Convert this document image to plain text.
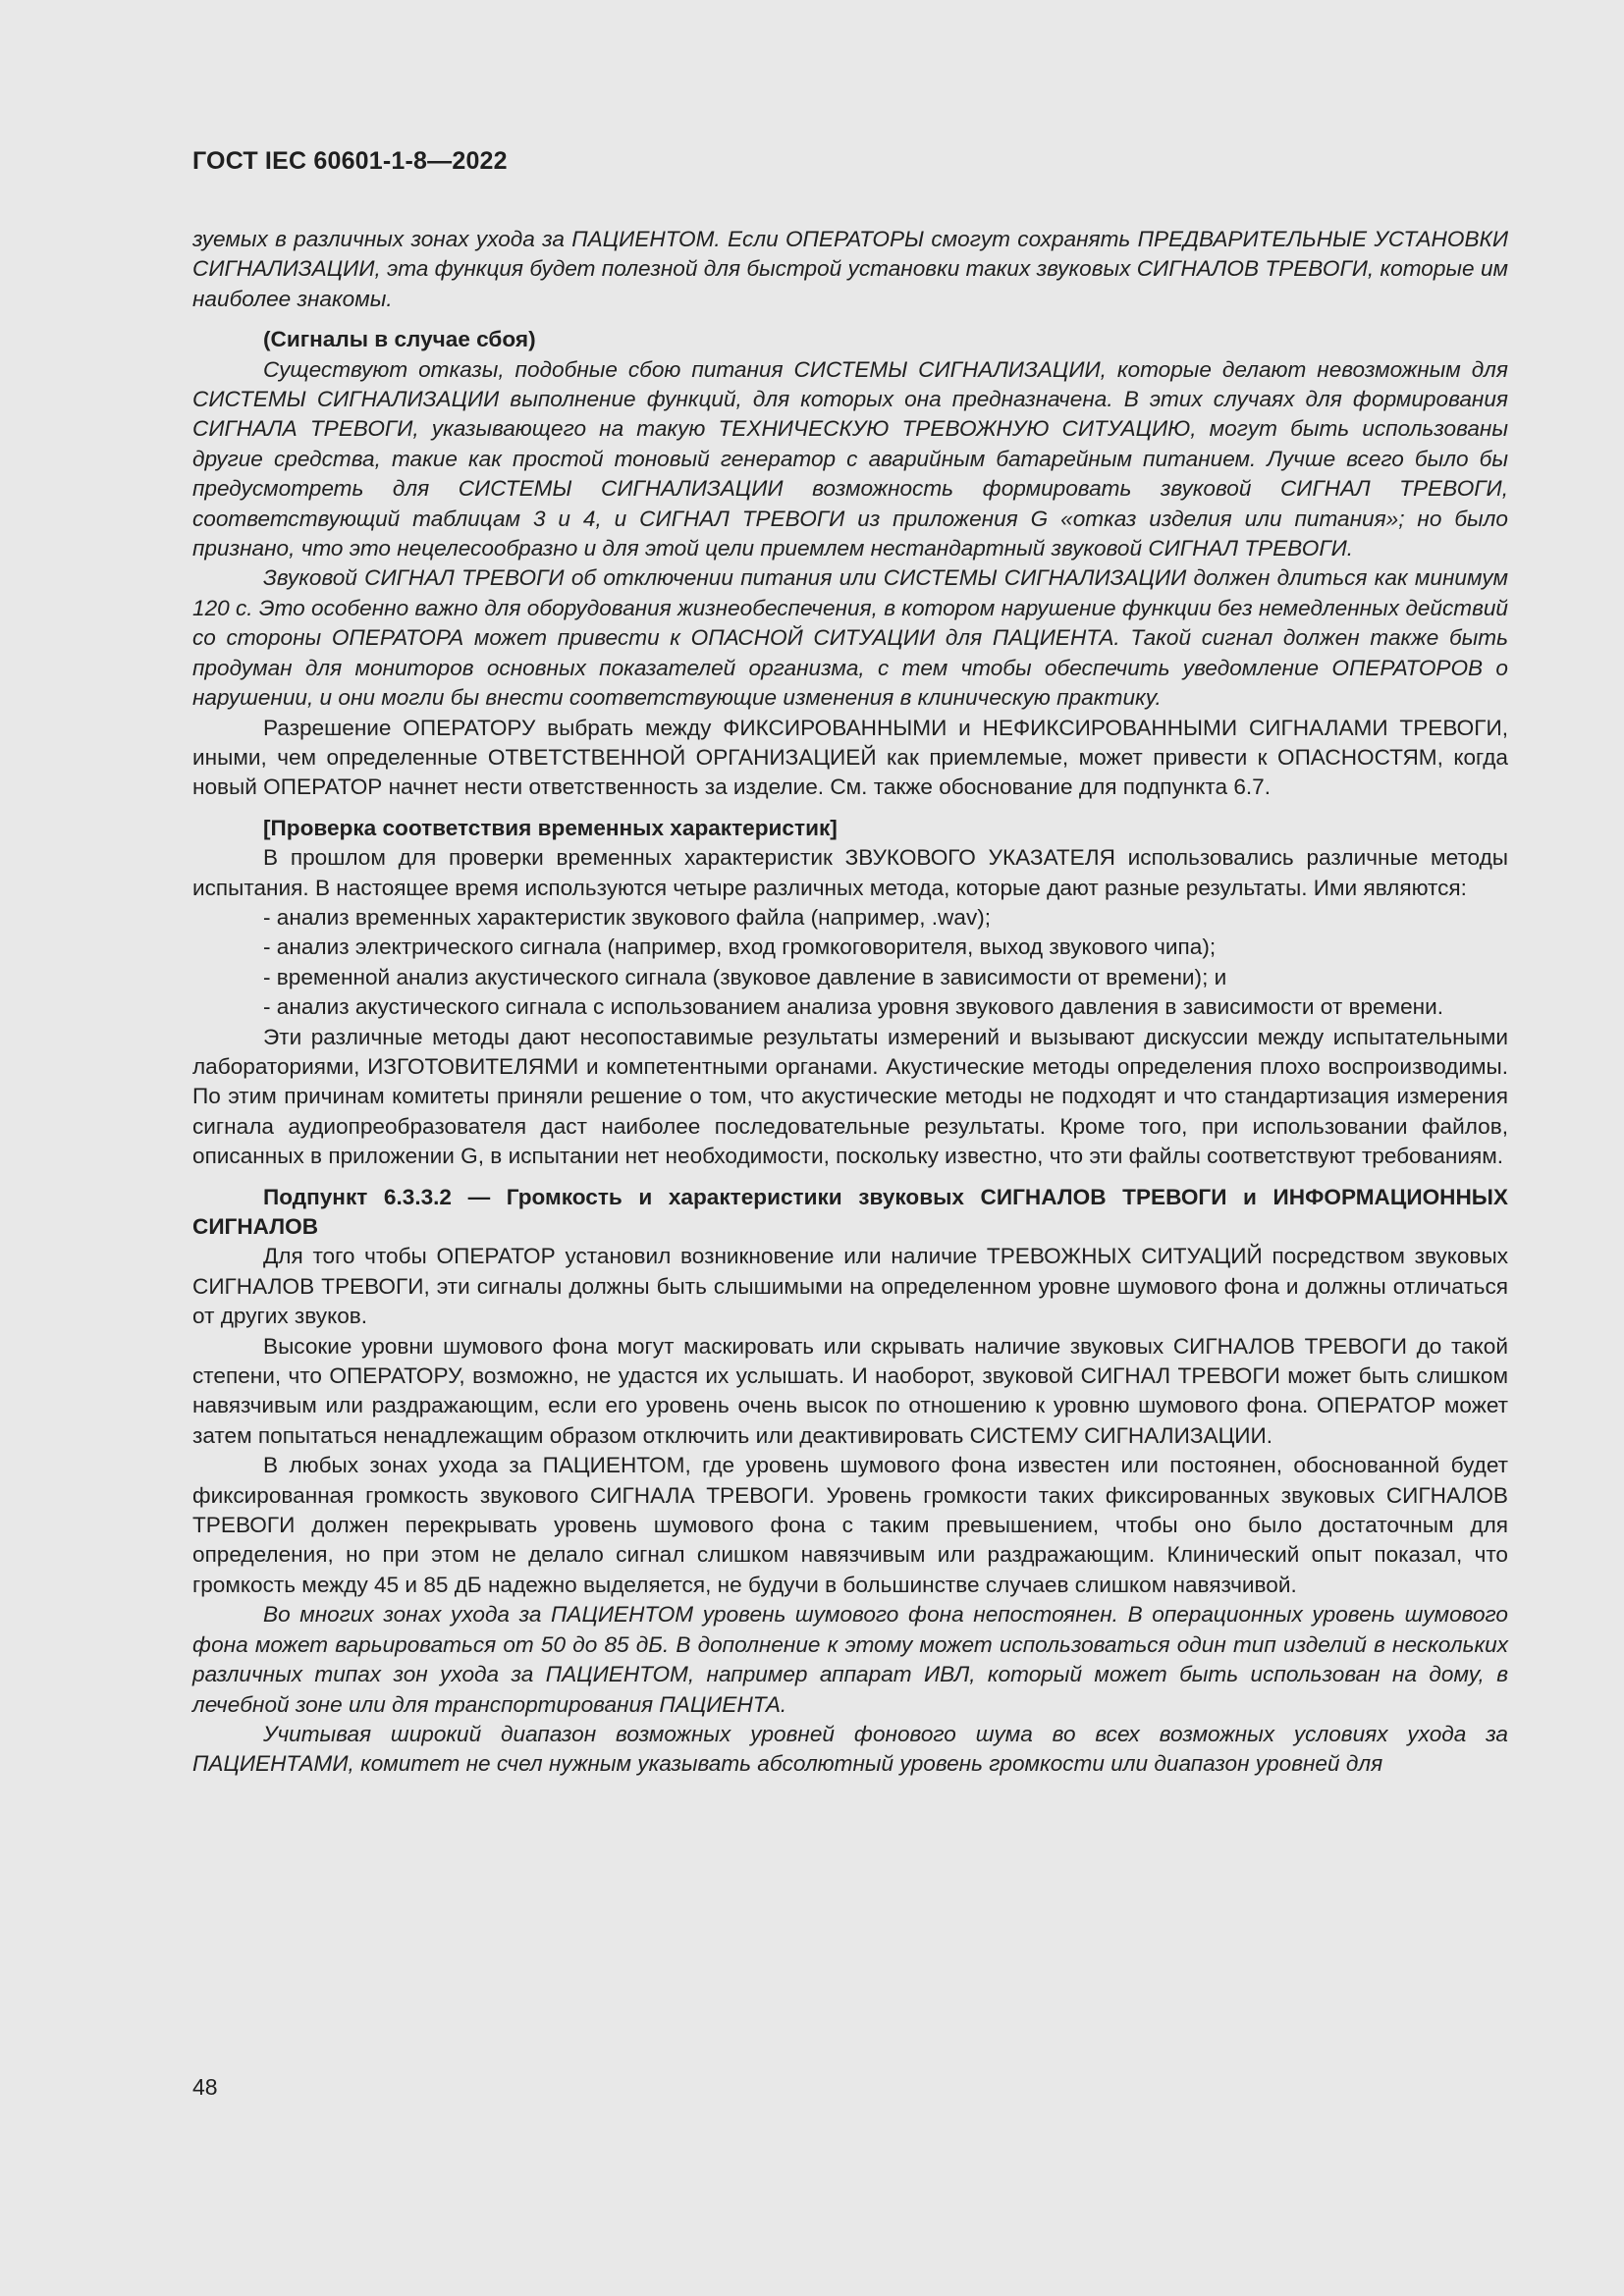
ГОСТ IEC 60601-1-8—2022

зуемых в различных зонах ухода за ПАЦИЕНТОМ. Если ОПЕРАТОРЫ смогут сохранять ПРЕДВАРИТЕЛЬНЫЕ УСТАНОВКИ СИГНАЛИЗАЦИИ, эта функция будет полезной для быстрой установки таких звуковых СИГНАЛОВ ТРЕВОГИ, которые им наиболее знакомы.

(Сигналы в случае сбоя)

Существуют отказы, подобные сбою питания СИСТЕМЫ СИГНАЛИЗАЦИИ, которые делают невозможным для СИСТЕМЫ СИГНАЛИЗАЦИИ выполнение функций, для которых она предназначена. В этих случаях для формирования СИГНАЛА ТРЕВОГИ, указывающего на такую ТЕХНИЧЕСКУЮ ТРЕВОЖНУЮ СИТУАЦИЮ, могут быть использованы другие средства, такие как простой тоновый генератор с аварийным батарейным питанием. Лучше всего было бы предусмотреть для СИСТЕМЫ СИГНАЛИЗАЦИИ возможность формировать звуковой СИГНАЛ ТРЕВОГИ, соответствующий таблицам 3 и 4, и СИГНАЛ ТРЕВОГИ из приложения G «отказ изделия или питания»; но было признано, что это нецелесообразно и для этой цели приемлем нестандартный звуковой СИГНАЛ ТРЕВОГИ.

Звуковой СИГНАЛ ТРЕВОГИ об отключении питания или СИСТЕМЫ СИГНАЛИЗАЦИИ должен длиться как минимум 120 с. Это особенно важно для оборудования жизнеобеспечения, в котором нарушение функции без немедленных действий со стороны ОПЕРАТОРА может привести к ОПАСНОЙ СИТУАЦИИ для ПАЦИЕНТА. Такой сигнал должен также быть продуман для мониторов основных показателей организма, с тем чтобы обеспечить уведомление ОПЕРАТОРОВ о нарушении, и они могли бы внести соответствующие изменения в клиническую практику.

Разрешение ОПЕРАТОРУ выбрать между ФИКСИРОВАННЫМИ и НЕФИКСИРОВАННЫМИ СИГНАЛАМИ ТРЕВОГИ, иными, чем определенные ОТВЕТСТВЕННОЙ ОРГАНИЗАЦИЕЙ как приемлемые, может привести к ОПАСНОСТЯМ, когда новый ОПЕРАТОР начнет нести ответственность за изделие. См. также обоснование для подпункта 6.7.

[Проверка соответствия временных характеристик]

В прошлом для проверки временных характеристик ЗВУКОВОГО УКАЗАТЕЛЯ использовались различные методы испытания. В настоящее время используются четыре различных метода, которые дают разные результаты. Ими являются:

- анализ временных характеристик звукового файла (например, .wav);

- анализ электрического сигнала (например, вход громкоговорителя, выход звукового чипа);

- временной анализ акустического сигнала (звуковое давление в зависимости от времени); и

- анализ акустического сигнала с использованием анализа уровня звукового давления в зависимости от времени.

Эти различные методы дают несопоставимые результаты измерений и вызывают дискуссии между испытательными лабораториями, ИЗГОТОВИТЕЛЯМИ и компетентными органами. Акустические методы определения плохо воспроизводимы. По этим причинам комитеты приняли решение о том, что акустические методы не подходят и что стандартизация измерения сигнала аудиопреобразователя даст наиболее последовательные результаты. Кроме того, при использовании файлов, описанных в приложении G, в испытании нет необходимости, поскольку известно, что эти файлы соответствуют требованиям.

Подпункт 6.3.3.2 — Громкость и характеристики звуковых СИГНАЛОВ ТРЕВОГИ и ИНФОРМАЦИОННЫХ СИГНАЛОВ

Для того чтобы ОПЕРАТОР установил возникновение или наличие ТРЕВОЖНЫХ СИТУАЦИЙ посредством звуковых СИГНАЛОВ ТРЕВОГИ, эти сигналы должны быть слышимыми на определенном уровне шумового фона и должны отличаться от других звуков.

Высокие уровни шумового фона могут маскировать или скрывать наличие звуковых СИГНАЛОВ ТРЕВОГИ до такой степени, что ОПЕРАТОРУ, возможно, не удастся их услышать. И наоборот, звуковой СИГНАЛ ТРЕВОГИ может быть слишком навязчивым или раздражающим, если его уровень очень высок по отношению к уровню шумового фона. ОПЕРАТОР может затем попытаться ненадлежащим образом отключить или деактивировать СИСТЕМУ СИГНАЛИЗАЦИИ.

В любых зонах ухода за ПАЦИЕНТОМ, где уровень шумового фона известен или постоянен, обоснованной будет фиксированная громкость звукового СИГНАЛА ТРЕВОГИ. Уровень громкости таких фиксированных звуковых СИГНАЛОВ ТРЕВОГИ должен перекрывать уровень шумового фона с таким превышением, чтобы оно было достаточным для определения, но при этом не делало сигнал слишком навязчивым или раздражающим. Клинический опыт показал, что громкость между 45 и 85 дБ надежно выделяется, не будучи в большинстве случаев слишком навязчивой.

Во многих зонах ухода за ПАЦИЕНТОМ уровень шумового фона непостоянен. В операционных уровень шумового фона может варьироваться от 50 до 85 дБ. В дополнение к этому может использоваться один тип изделий в нескольких различных типах зон ухода за ПАЦИЕНТОМ, например аппарат ИВЛ, который может быть использован на дому, в лечебной зоне или для транспортирования ПАЦИЕНТА.

Учитывая широкий диапазон возможных уровней фонового шума во всех возможных условиях ухода за ПАЦИЕНТАМИ, комитет не счел нужным указывать абсолютный уровень громкости или диапазон уровней для

48
